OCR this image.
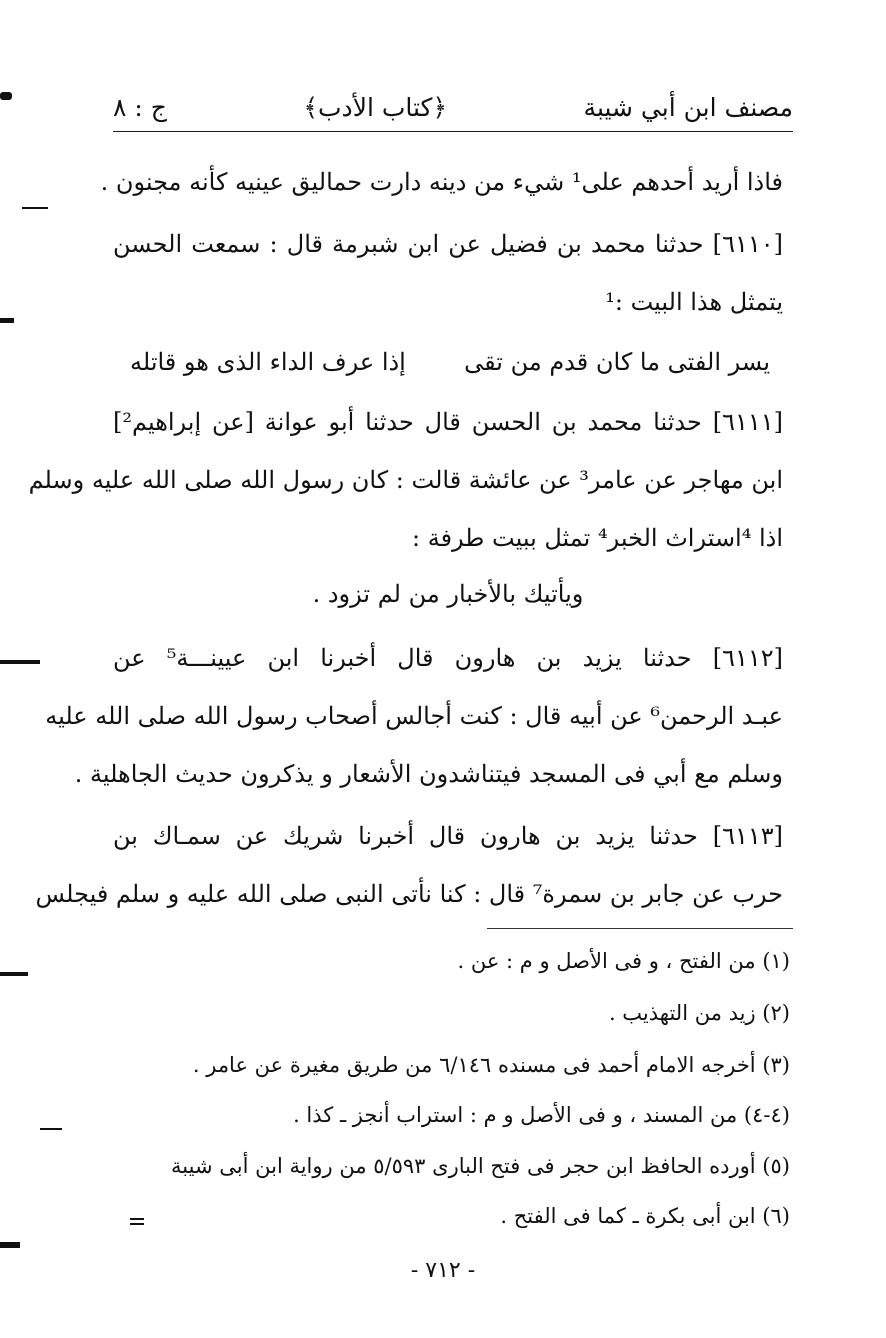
مصنف ابن أبي شيبة
﴿كتاب الأدب﴾
ج : ٨
فاذا أريد أحدهم على¹ شيء من دينه دارت حماليق عينيه كأنه مجنون .
[٦١١٠] حدثنا محمد بن فضيل عن ابن شبرمة قال : سمعت الحسن
يتمثل هذا البيت :¹
يسر الفتى ما كان قدم من تقى
إذا عرف الداء الذى هو قاتله
[٦١١١] حدثنا محمد بن الحسن قال حدثنا أبو عوانة [عن إبراهيم²]
ابن مهاجر عن عامر³ عن عائشة قالت : كان رسول الله صلى الله عليه وسلم
اذا ⁴استراث الخبر⁴ تمثل ببيت طرفة :
ويأتيك بالأخبار من لم تزود .
[٦١١٢] حدثنا يزيد بن هارون قال أخبرنا ابن عيينـــة⁵ عن
عبـد الرحمن⁶ عن أبيه قال : كنت أجالس أصحاب رسول الله صلى الله عليه
وسلم مع أبي فى المسجد فيتناشدون الأشعار و يذكرون حديث الجاهلية .
[٦١١٣] حدثنا يزيد بن هارون قال أخبرنا شريك عن سمـاك بن
حرب عن جابر بن سمرة⁷ قال : كنا نأتى النبى صلى الله عليه و سلم فيجلس
(١) من الفتح ، و فى الأصل و م : عن .
(٢) زيد من التهذيب .
(٣) أخرجه الامام أحمد فى مسنده ٦/١٤٦ من طريق مغيرة عن عامر .
(٤-٤) من المسند ، و فى الأصل و م : استراب أنجز ـ كذا .
(٥) أورده الحافظ ابن حجر فى فتح البارى ٥/٥٩٣ من رواية ابن أبى شيبة
(٦) ابن أبى بكرة ـ كما فى الفتح .
- ٧١٢ -
